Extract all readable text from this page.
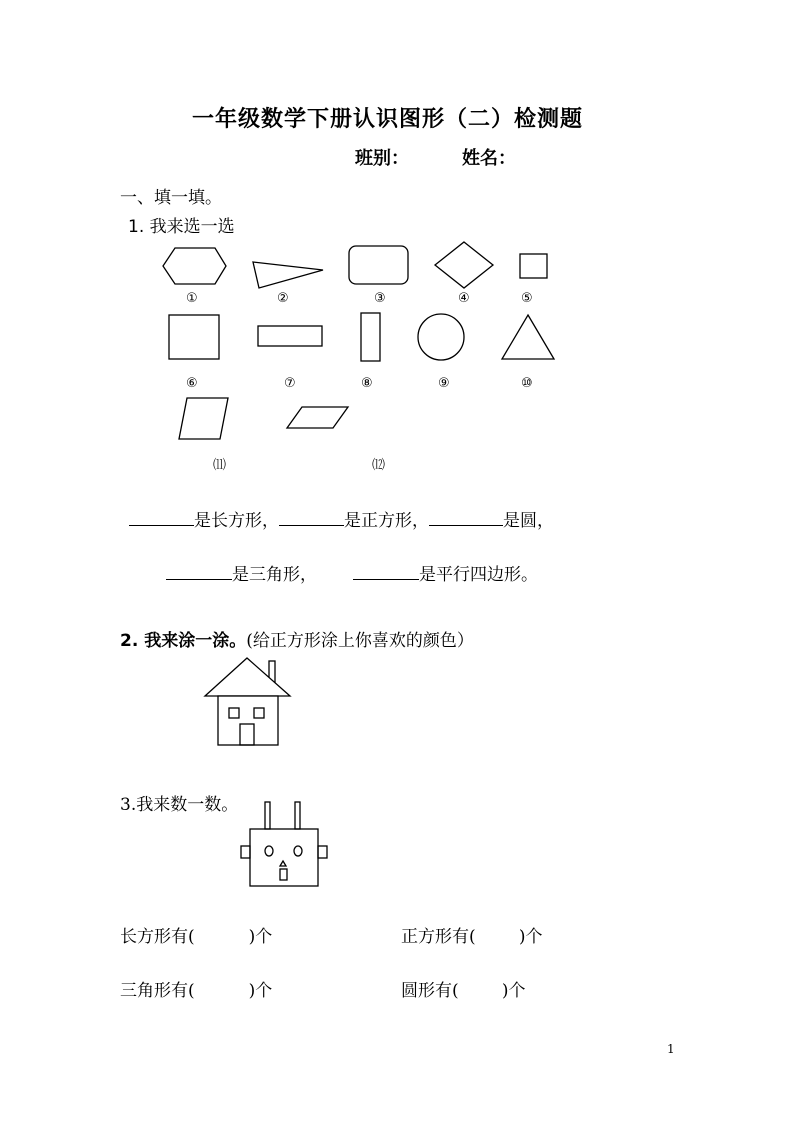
一年级数学下册认识图形（二）检测题
班别：	姓名：
一、填一填。
1. 我来选一选
①	②	③	④	⑤
⑥	⑦	⑧	⑨	⑩
⑾	⑿
是长方形，	是正方形，	是圆，
是三角形，	是平行四边形。
2. 我来涂一涂。(给正方形涂上你喜欢的颜色）
3.我来数一数。
长方形有(          )个	正方形有(        )个
三角形有(          )个	圆形有(        )个
1
